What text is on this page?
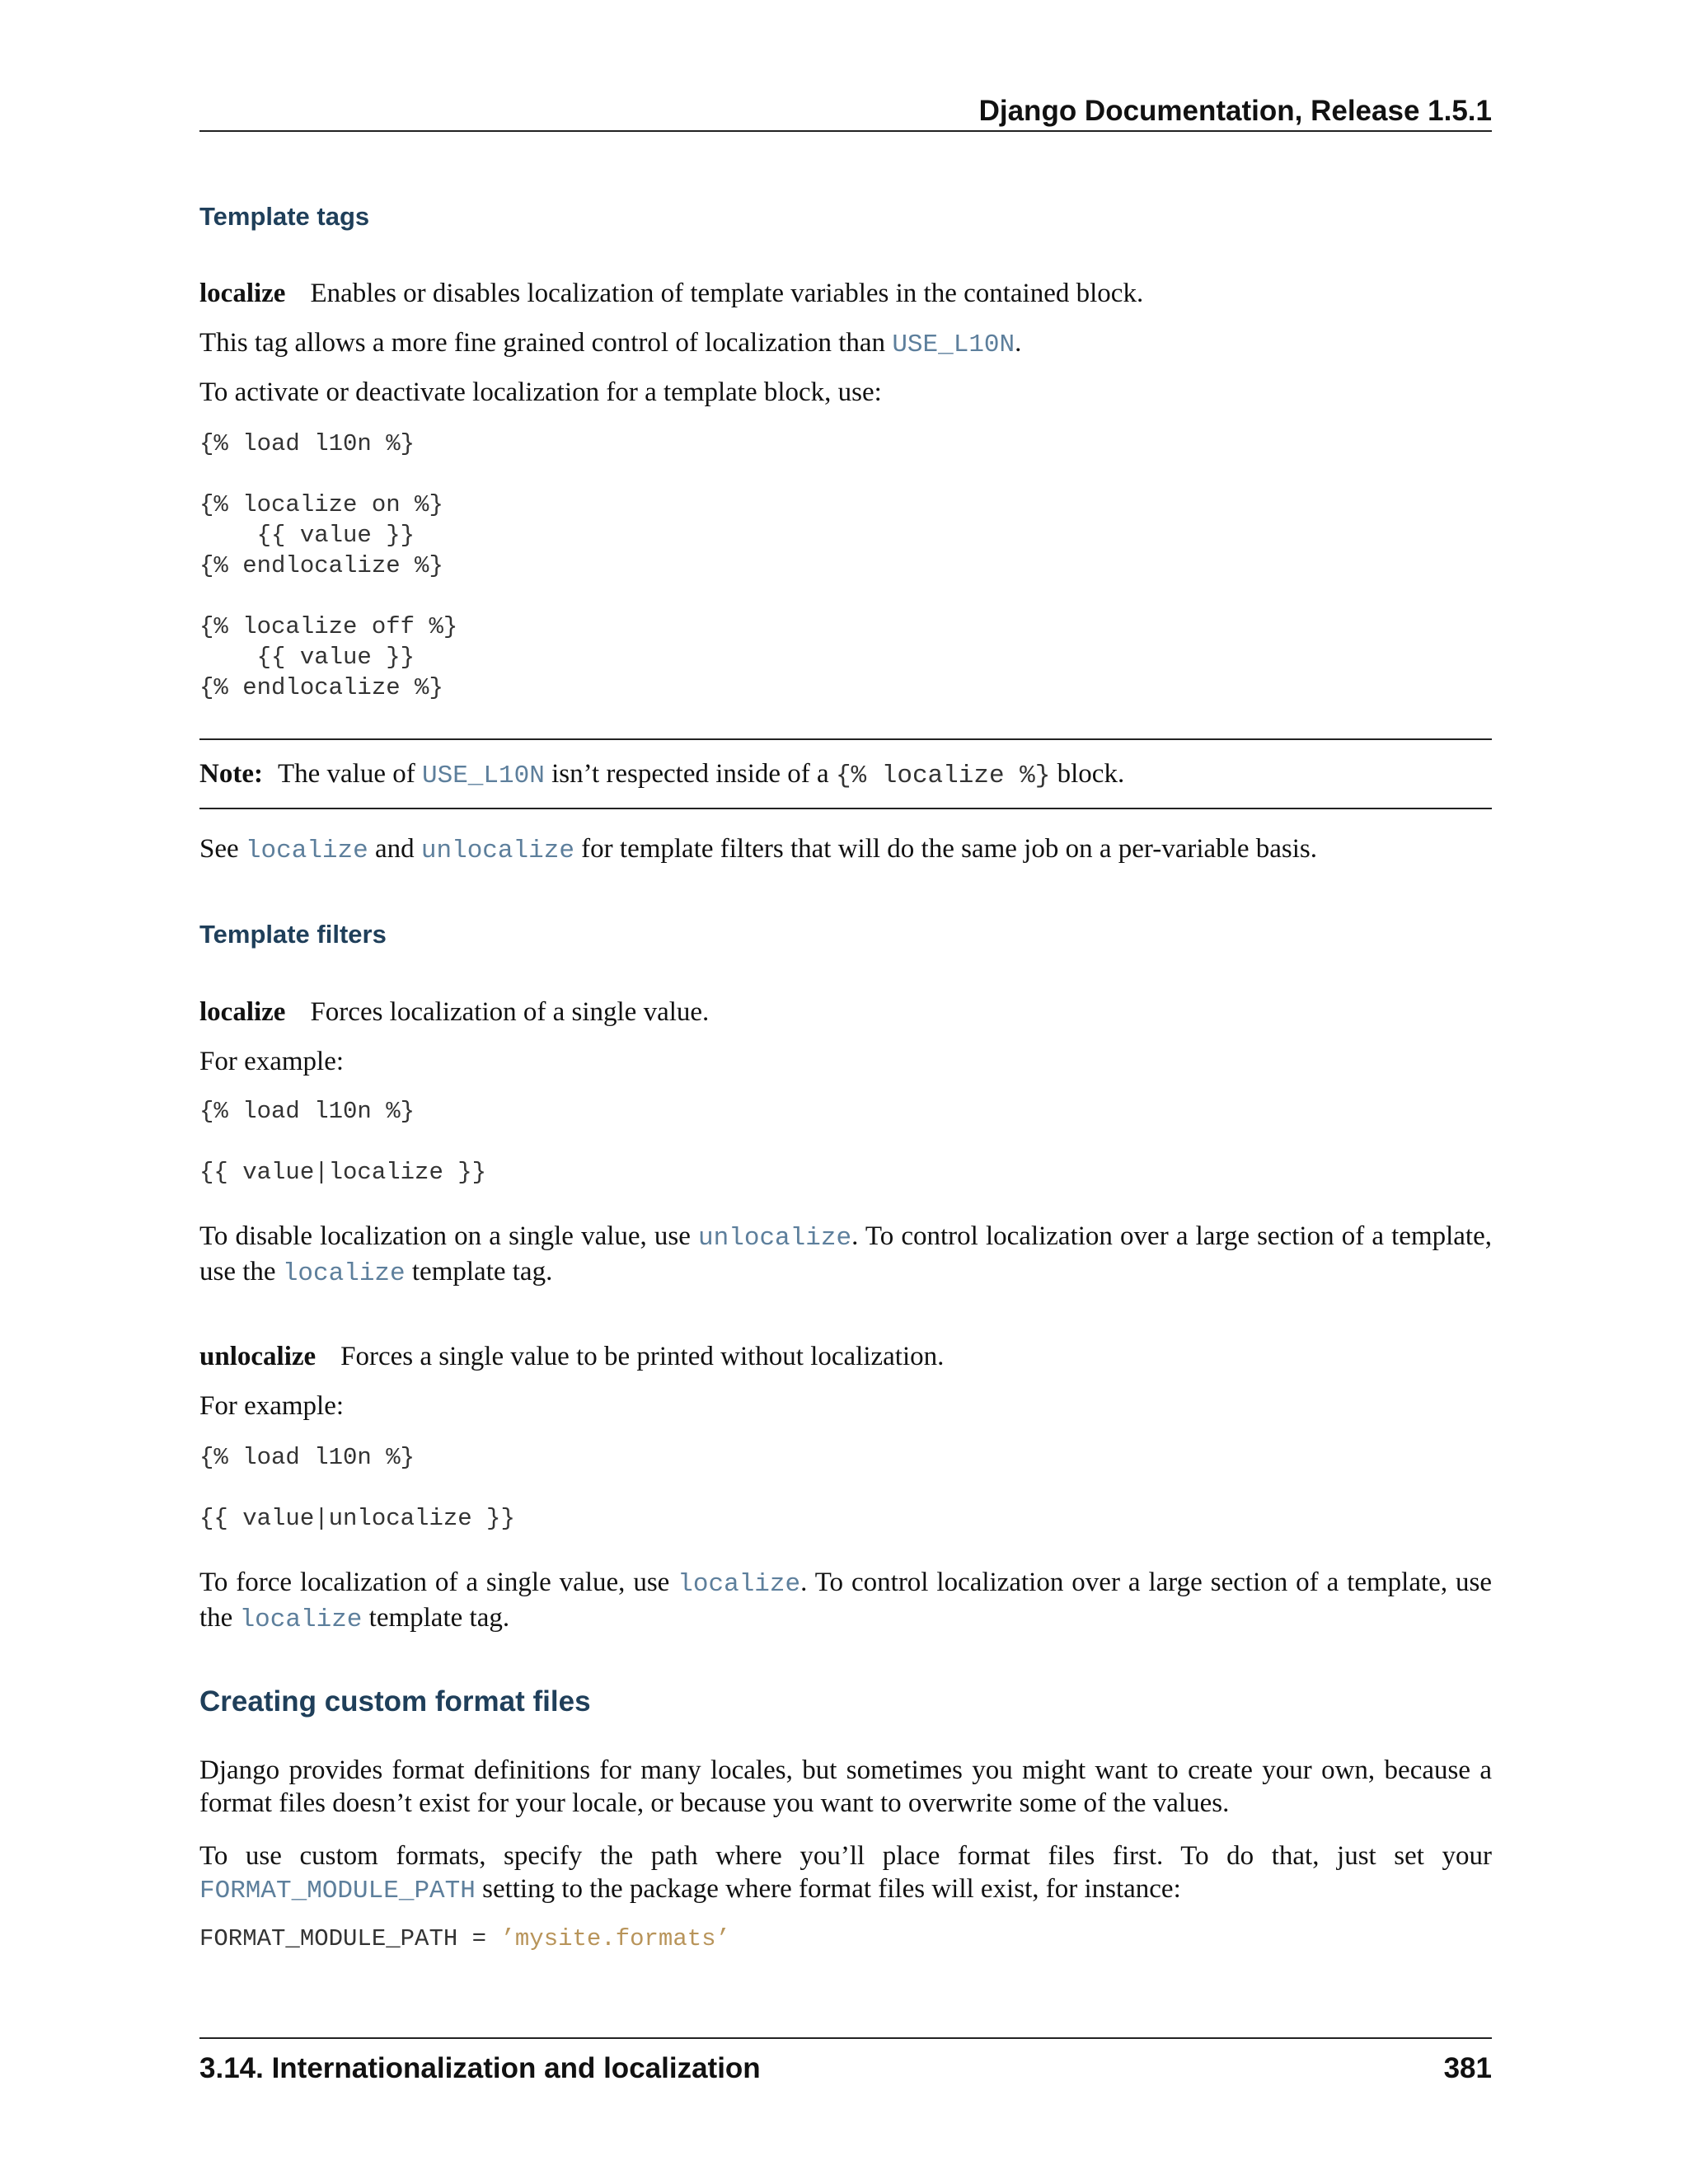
Django Documentation, Release 1.5.1
Template tags

localize Enables or disables localization of template variables in the contained block.

This tag allows a more fine grained control of localization than USE_L10N.

To activate or deactivate localization for a template block, use:

{% load l10n %}

{% localize on %}
{{ value }}
{% endlocalize %}

{% localize off %}
{{ value }}
{% endlocalize %}
Note: The value of USE_L10N isn’t respected inside of a {% localize %} block.

See localize and unlocalize for template filters that will do the same job on a per-variable basis.

Template filters

localize Forces localization of a single value.

For example:

{% load l10n %}

{{ value|localize }}

To disable localization on a single value, use unlocalize. To control localization over a large section of a template, use the localize template tag.

unlocalize Forces a single value to be printed without localization.

For example:

{% load l10n %}

{{ value|unlocalize }}

To force localization of a single value, use localize. To control localization over a large section of a template, use the localize template tag.

Creating custom format files

Django provides format definitions for many locales, but sometimes you might want to create your own, because a format files doesn’t exist for your locale, or because you want to overwrite some of the values.

To use custom formats, specify the path where you’ll place format files first. To do that, just set your FORMAT_MODULE_PATH setting to the package where format files will exist, for instance:

FORMAT_MODULE_PATH = ’mysite.formats’
3.14. Internationalization and localization	381
